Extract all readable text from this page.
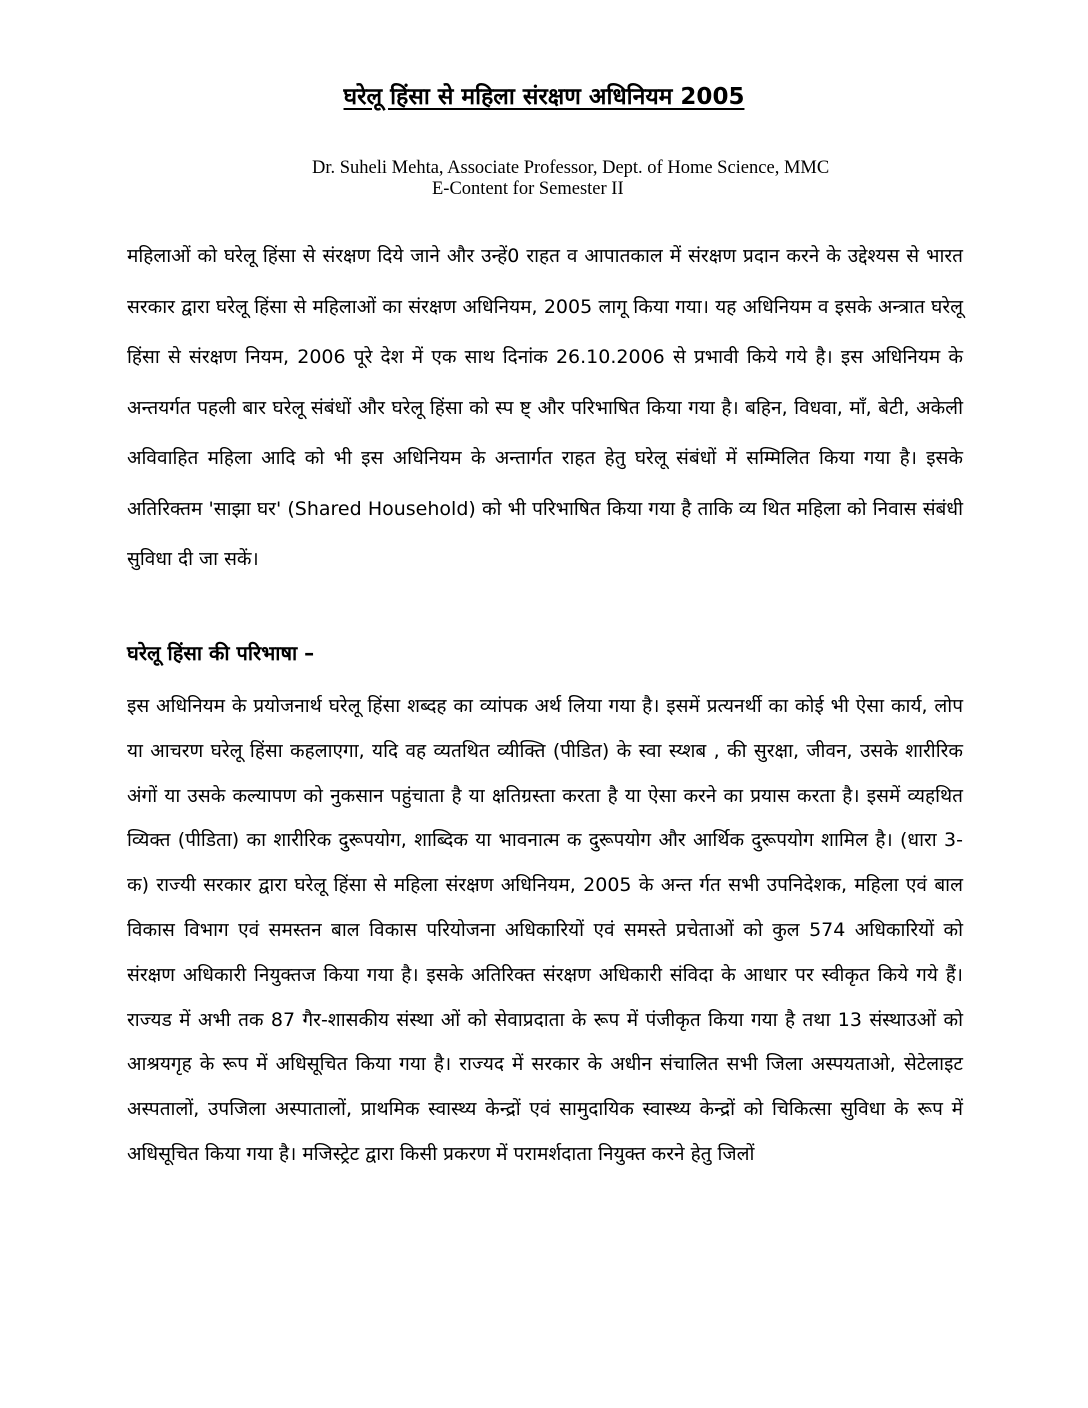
घरेलू हिंसा से महिला संरक्षण अधिनियम 2005
Dr. Suheli Mehta, Associate Professor, Dept. of Home Science, MMC
E-Content for Semester II

महिलाओं को घरेलू हिंसा से संरक्षण दिये जाने और उन्हें0 राहत व आपातकाल में संरक्षण प्रदान करने के उद्देश्यस से भारत सरकार द्वारा घरेलू हिंसा से महिलाओं का संरक्षण अधिनियम, 2005 लागू किया गया। यह अधिनियम व इसके अन्त्रात घरेलू हिंसा से संरक्षण नियम, 2006 पूरे देश में एक साथ दिनांक 26.10.2006 से प्रभावी किये गये है। इस अधिनियम के अन्तयर्गत पहली बार घरेलू संबंधों और घरेलू हिंसा को स्प ष्ट् और परिभाषित किया गया है। बहिन, विधवा, माँ, बेटी, अकेली अविवाहित महिला आदि को भी इस अधिनियम के अन्तार्गत राहत हेतु घरेलू संबंधों में सम्मिलित किया गया है। इसके अतिरिक्तम 'साझा घर' (Shared Household) को भी परिभाषित किया गया है ताकि व्य थित महिला को निवास संबंधी सुविधा दी जा सकें।

घरेलू हिंसा की परिभाषा –

इस अधिनियम के प्रयोजनार्थ घरेलू हिंसा शब्दह का व्यांपक अर्थ लिया गया है। इसमें प्रत्यनर्थी का कोई भी ऐसा कार्य, लोप या आचरण घरेलू हिंसा कहलाएगा, यदि वह व्यतथित व्यीक्ति (पीडित) के स्वा स्य्शब , की सुरक्षा, जीवन, उसके शारीरिक अंगों या उसके कल्यापण को नुकसान पहुंचाता है या क्षतिग्रस्ता करता है या ऐसा करने का प्रयास करता है। इसमें व्यहथित व्यिक्त (पीडिता) का शारीरिक दुरूपयोग, शाब्दिक या भावनात्म क दुरूपयोग और आर्थिक दुरूपयोग शामिल है। (धारा 3-क) राज्यी सरकार द्वारा घरेलू हिंसा से महिला संरक्षण अधिनियम, 2005 के अन्त र्गत सभी उपनिदेशक, महिला एवं बाल विकास विभाग एवं समस्तन बाल विकास परियोजना अधिकारियों एवं समस्ते प्रचेताओं को कुल 574 अधिकारियों को संरक्षण अधिकारी नियुक्तज किया गया है। इसके अतिरिक्त संरक्षण अधिकारी संविदा के आधार पर स्वीकृत किये गये हैं। राज्यड में अभी तक 87 गैर-शासकीय संस्था ओं को सेवाप्रदाता के रूप में पंजीकृत किया गया है तथा 13 संस्थाउओं को आश्रयगृह के रूप में अधिसूचित किया गया है। राज्यद में सरकार के अधीन संचालित सभी जिला अस्पयताओ, सेटेलाइट अस्पतालों, उपजिला अस्पातालों, प्राथमिक स्वास्थ्य केन्द्रों एवं सामुदायिक स्वास्थ्य केन्द्रों को चिकित्सा सुविधा के रूप में अधिसूचित किया गया है। मजिस्ट्रेट द्वारा किसी प्रकरण में परामर्शदाता नियुक्त करने हेतु जिलों
